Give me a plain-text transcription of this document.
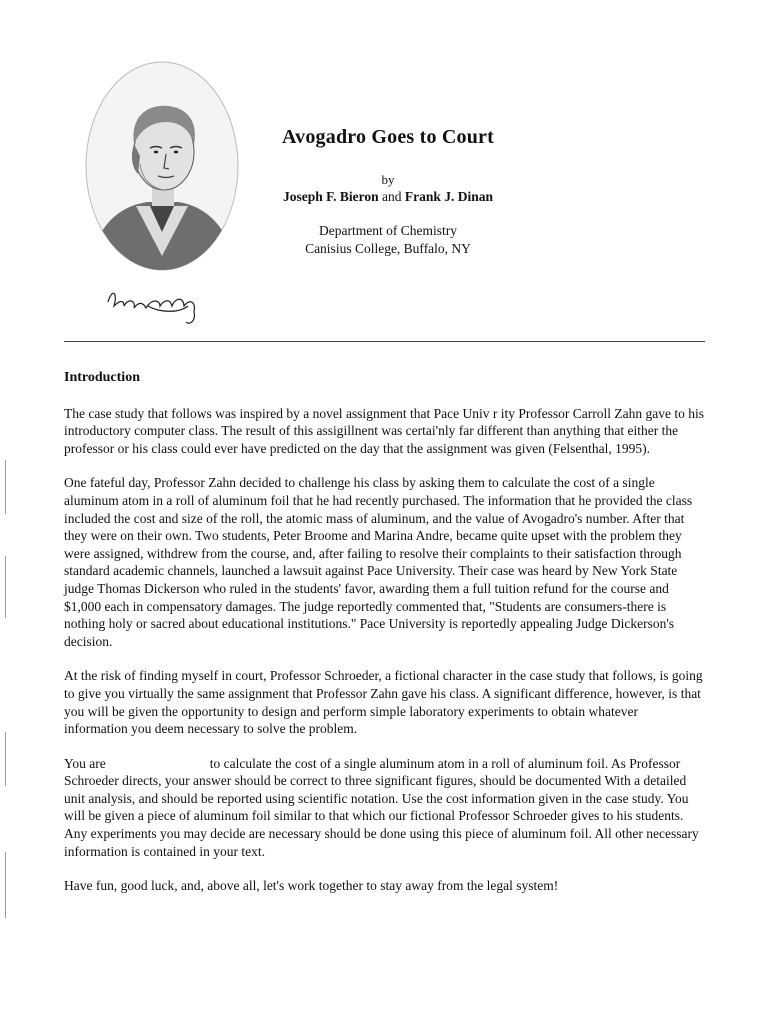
Avogadro Goes to Court
by
Joseph F. Bieron and Frank J. Dinan
Department of Chemistry
Canisius College, Buffalo, NY
Introduction

The case study that follows was inspired by a novel assignment that Pace Univ r ity Professor Carroll Zahn gave to his introductory computer class. The result of this assigillnent was certai'nly far different than anything that either the professor or his class could ever have predicted on the day that the assignment was given (Felsenthal, 1995).

One fateful day, Professor Zahn decided to challenge his class by asking them to calculate the cost of a single aluminum atom in a roll of aluminum foil that he had recently purchased. The information that he provided the class included the cost and size of the roll, the atomic mass of aluminum, and the value of Avogadro's number. After that they were on their own. Two students, Peter Broome and Marina Andre, became quite upset with the problem they were assigned, withdrew from the course, and, after failing to resolve their complaints to their satisfaction through standard academic channels, launched a lawsuit against Pace University. Their case was heard by New York State judge Thomas Dickerson who ruled in the students' favor, awarding them a full tuition refund for the course and $1,000 each in compensatory damages. The judge reportedly commented that, "Students are consumers-there is nothing holy or sacred about educational institutions." Pace University is reportedly appealing Judge Dickerson's decision.

At the risk of finding myself in court, Professor Schroeder, a fictional character in the case study that follows, is going to give you virtually the same assignment that Professor Zahn gave his class. A significant difference, however, is that you will be given the opportunity to design and perform simple laboratory experiments to obtain whatever information you deem necessary to solve the problem.

You are	to calculate the cost of a single aluminum atom in a roll of aluminum foil. As Professor Schroeder directs, your answer should be correct to three significant figures, should be documented With a detailed unit analysis, and should be reported using scientific notation. Use the cost information given in the case study. You will be given a piece of aluminum foil similar to that which our fictional Professor Schroeder gives to his students. Any experiments you may decide are necessary should be done using this piece of aluminum foil. All other necessary information is contained in your text.

Have fun, good luck, and, above all, let's work together to stay away from the legal system!
